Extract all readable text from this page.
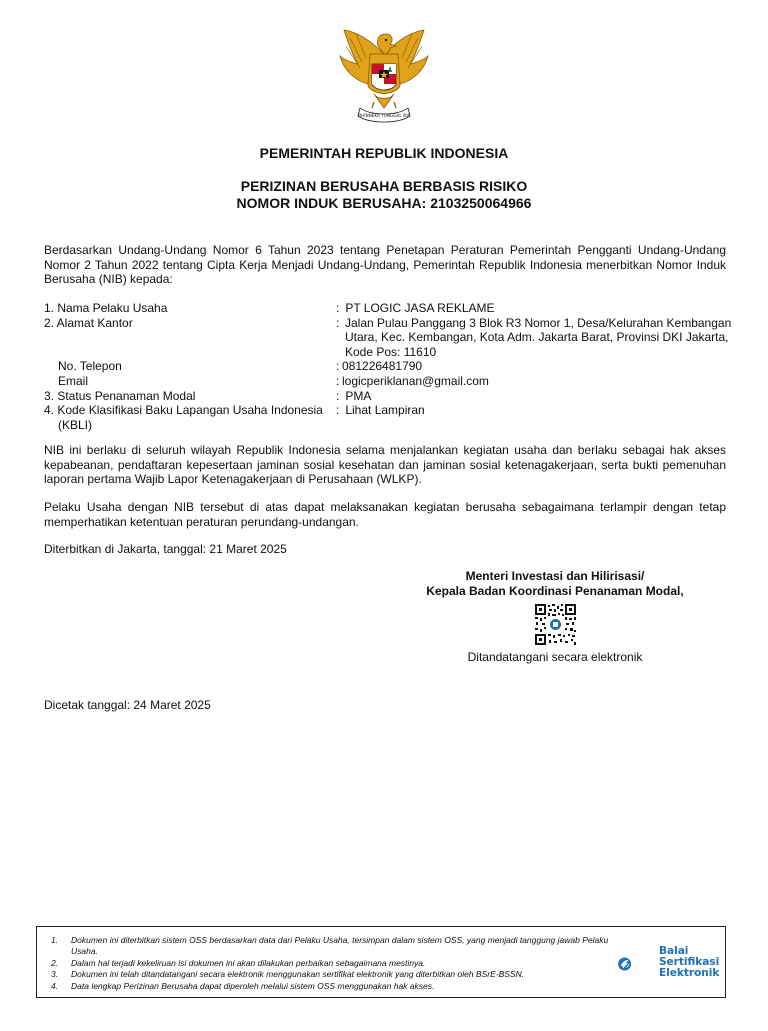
BHINNEKA TUNGGAL IKA
PEMERINTAH REPUBLIK INDONESIA
PERIZINAN BERUSAHA BERBASIS RISIKO
NOMOR INDUK BERUSAHA: 2103250064966

Berdasarkan Undang-Undang Nomor 6 Tahun 2023 tentang Penetapan Peraturan Pemerintah Pengganti Undang-Undang Nomor 2 Tahun 2022 tentang Cipta Kerja Menjadi Undang-Undang, Pemerintah Republik Indonesia menerbitkan Nomor Induk Berusaha (NIB) kepada:

1. Nama Pelaku Usaha	: PT LOGIC JASA REKLAME
2. Alamat Kantor	: Jalan Pulau Panggang 3 Blok R3 Nomor 1, Desa/Kelurahan Kembangan Utara, Kec. Kembangan, Kota Adm. Jakarta Barat, Provinsi DKI Jakarta, Kode Pos: 11610
No. Telepon	: 081226481790
Email	: logicperiklanan@gmail.com
3. Status Penanaman Modal	: PMA
4. Kode Klasifikasi Baku Lapangan Usaha Indonesia
(KBLI)
: Lihat Lampiran

NIB ini berlaku di seluruh wilayah Republik Indonesia selama menjalankan kegiatan usaha dan berlaku sebagai hak akses kepabeanan, pendaftaran kepesertaan jaminan sosial kesehatan dan jaminan sosial ketenagakerjaan, serta bukti pemenuhan laporan pertama Wajib Lapor Ketenagakerjaan di Perusahaan (WLKP).

Pelaku Usaha dengan NIB tersebut di atas dapat melaksanakan kegiatan berusaha sebagaimana terlampir dengan tetap memperhatikan ketentuan peraturan perundang-undangan.

Diterbitkan di Jakarta, tanggal: 21 Maret 2025

Menteri Investasi dan Hilirisasi/
Kepala Badan Koordinasi Penanaman Modal,
Ditandatangani secara elektronik

Dicetak tanggal: 24 Maret 2025

1.	Dokumen ini diterbitkan sistem OSS berdasarkan data dari Pelaku Usaha, tersimpan dalam sistem OSS, yang menjadi tanggung jawab Pelaku Usaha.
2.	Dalam hal terjadi kekeliruan isi dokumen ini akan dilakukan perbaikan sebagaimana mestinya.
3.	Dokumen ini telah ditandatangani secara elektronik menggunakan sertifikat elektronik yang diterbitkan oleh BSrE-BSSN.
4.	Data lengkap Perizinan Berusaha dapat diperoleh melalui sistem OSS menggunakan hak akses.
Balai
Sertifikasi
Elektronik
